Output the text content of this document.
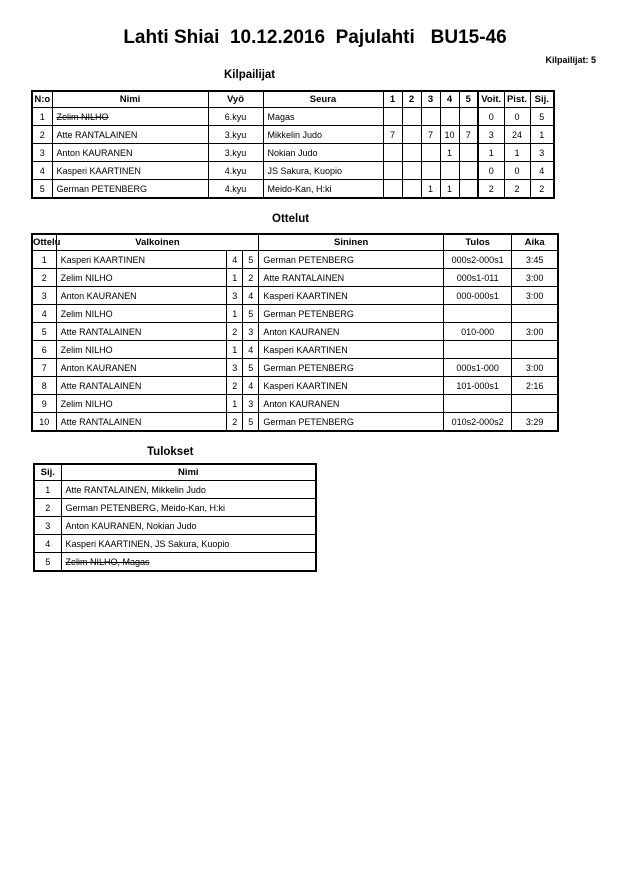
Lahti Shiai  10.12.2016  Pajulahti   BU15-46
Kilpailijat: 5
Kilpailijat
N:o	Nimi	Vyö	Seura	1	2	3	4	5	Voit.	Pist.	Sij.
1	Zelim NILHO	6.kyu	Magas						0	0	5
2	Atte RANTALAINEN	3.kyu	Mikkelin Judo	7		7	10	7	3	24	1
3	Anton KAURANEN	3.kyu	Nokian Judo				1		1	1	3
4	Kasperi KAARTINEN	4.kyu	JS Sakura, Kuopio						0	0	4
5	German PETENBERG	4.kyu	Meido-Kan, H:ki			1	1		2	2	2
Ottelut
Ottelu	Valkoinen			Sininen	Tulos	Aika
1	Kasperi KAARTINEN	4	5	German PETENBERG	000s2-000s1	3:45
2	Zelim NILHO	1	2	Atte RANTALAINEN	000s1-011	3:00
3	Anton KAURANEN	3	4	Kasperi KAARTINEN	000-000s1	3:00
4	Zelim NILHO	1	5	German PETENBERG		
5	Atte RANTALAINEN	2	3	Anton KAURANEN	010-000	3:00
6	Zelim NILHO	1	4	Kasperi KAARTINEN		
7	Anton KAURANEN	3	5	German PETENBERG	000s1-000	3:00
8	Atte RANTALAINEN	2	4	Kasperi KAARTINEN	101-000s1	2:16
9	Zelim NILHO	1	3	Anton KAURANEN		
10	Atte RANTALAINEN	2	5	German PETENBERG	010s2-000s2	3:29
Tulokset
Sij.	Nimi
1	Atte RANTALAINEN, Mikkelin Judo
2	German PETENBERG, Meido-Kan, H:ki
3	Anton KAURANEN, Nokian Judo
4	Kasperi KAARTINEN, JS Sakura, Kuopio
5	Zelim NILHO, Magas
